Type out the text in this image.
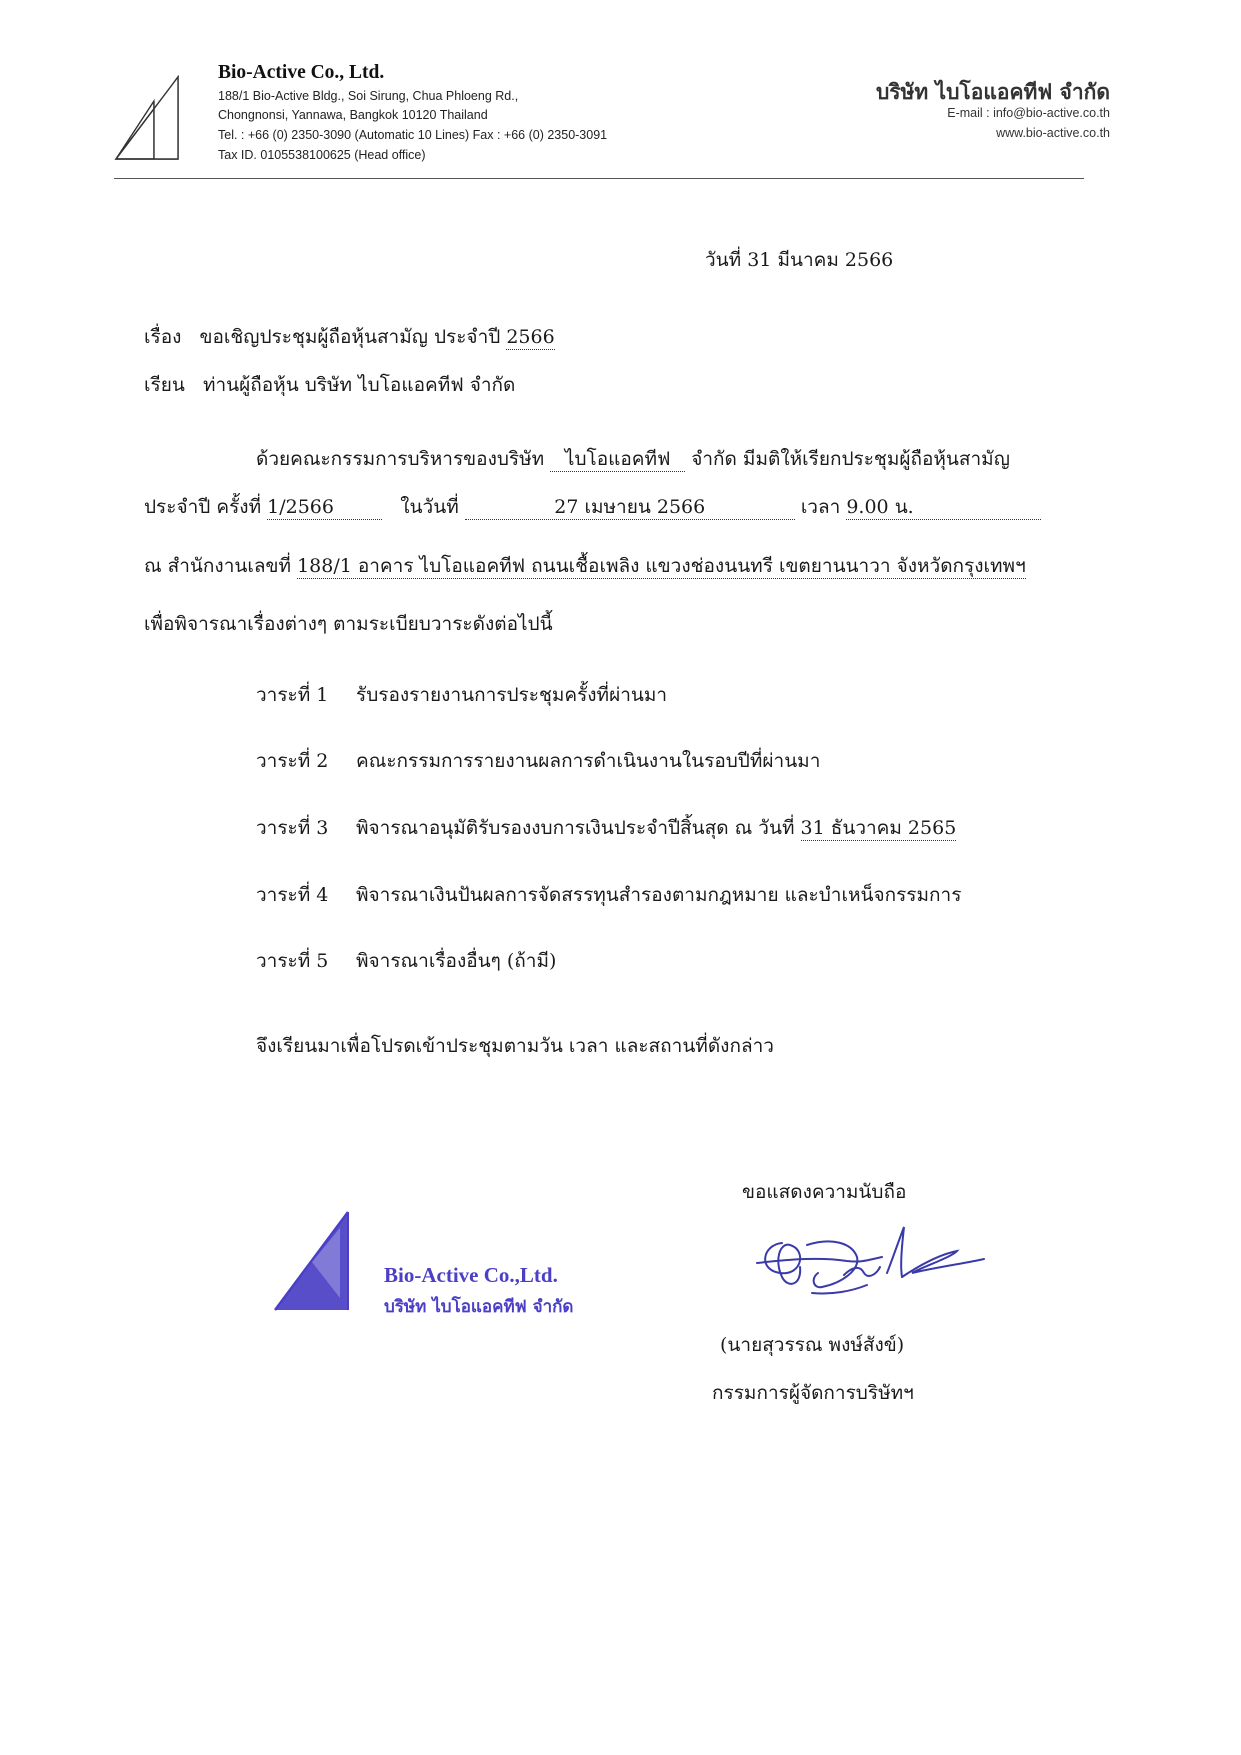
Bio-Active Co., Ltd.
188/1 Bio-Active Bldg., Soi Sirung, Chua Phloeng Rd.,
Chongnonsi, Yannawa, Bangkok 10120 Thailand
Tel. : +66 (0) 2350-3090 (Automatic 10 Lines) Fax : +66 (0) 2350-3091
Tax ID. 0105538100625 (Head office)
บริษัท ไบโอแอคทีฟ จำกัด
E-mail : info@bio-active.co.th
www.bio-active.co.th
วันที่ 31 มีนาคม 2566
เรื่อง ขอเชิญประชุมผู้ถือหุ้นสามัญ ประจำปี 2566
เรียน ท่านผู้ถือหุ้น บริษัท ไบโอแอคทีฟ จำกัด
ด้วยคณะกรรมการบริหารของบริษัท ไบโอแอคทีฟ จำกัด มีมติให้เรียกประชุมผู้ถือหุ้นสามัญ
ประจำปี ครั้งที่ 1/2566	ในวันที่	27 เมษายน 2566	เวลา 9.00 น.
ณ สำนักงานเลขที่ 188/1 อาคาร ไบโอแอคทีฟ ถนนเชื้อเพลิง แขวงช่องนนทรี เขตยานนาวา จังหวัดกรุงเทพฯ
เพื่อพิจารณาเรื่องต่างๆ ตามระเบียบวาระดังต่อไปนี้
วาระที่ 1 รับรองรายงานการประชุมครั้งที่ผ่านมา
วาระที่ 2 คณะกรรมการรายงานผลการดำเนินงานในรอบปีที่ผ่านมา
วาระที่ 3 พิจารณาอนุมัติรับรองงบการเงินประจำปีสิ้นสุด ณ วันที่ 31 ธันวาคม 2565
วาระที่ 4 พิจารณาเงินปันผลการจัดสรรทุนสำรองตามกฎหมาย และบำเหน็จกรรมการ
วาระที่ 5 พิจารณาเรื่องอื่นๆ (ถ้ามี)
จึงเรียนมาเพื่อโปรดเข้าประชุมตามวัน เวลา และสถานที่ดังกล่าว
ขอแสดงความนับถือ
(นายสุวรรณ พงษ์สังข์)
กรรมการผู้จัดการบริษัทฯ
Bio-Active Co.,Ltd.
บริษัท ไบโอแอคทีฟ จำกัด
